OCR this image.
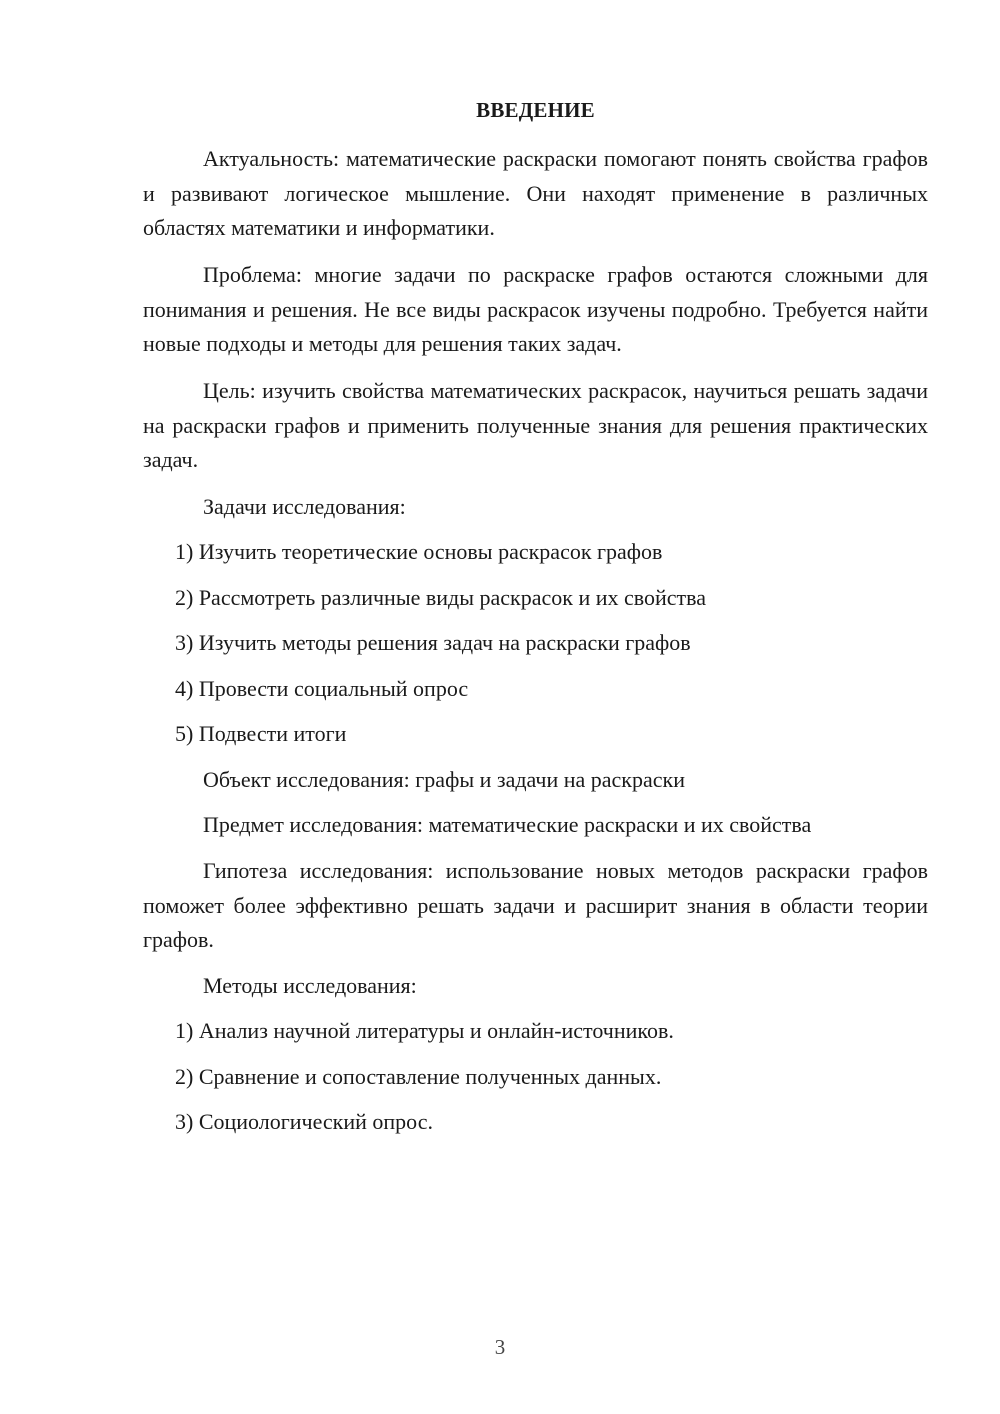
ВВЕДЕНИЕ

Актуальность: математические раскраски помогают понять свойства графов и развивают логическое мышление. Они находят применение в различных областях математики и информатики.

Проблема: многие задачи по раскраске графов остаются сложными для понимания и решения. Не все виды раскрасок изучены подробно. Требуется найти новые подходы и методы для решения таких задач.

Цель: изучить свойства математических раскрасок, научиться решать задачи на раскраски графов и применить полученные знания для решения практических задач.

Задачи исследования:

1) Изучить теоретические основы раскрасок графов

2) Рассмотреть различные виды раскрасок и их свойства

3) Изучить методы решения задач на раскраски графов

4) Провести социальный опрос

5) Подвести итоги

Объект исследования: графы и задачи на раскраски

Предмет исследования: математические раскраски и их свойства

Гипотеза исследования: использование новых методов раскраски графов поможет более эффективно решать задачи и расширит знания в области теории графов.

Методы исследования:

1) Анализ научной литературы и онлайн-источников.

2) Сравнение и сопоставление полученных данных.

3) Социологический опрос.

3
